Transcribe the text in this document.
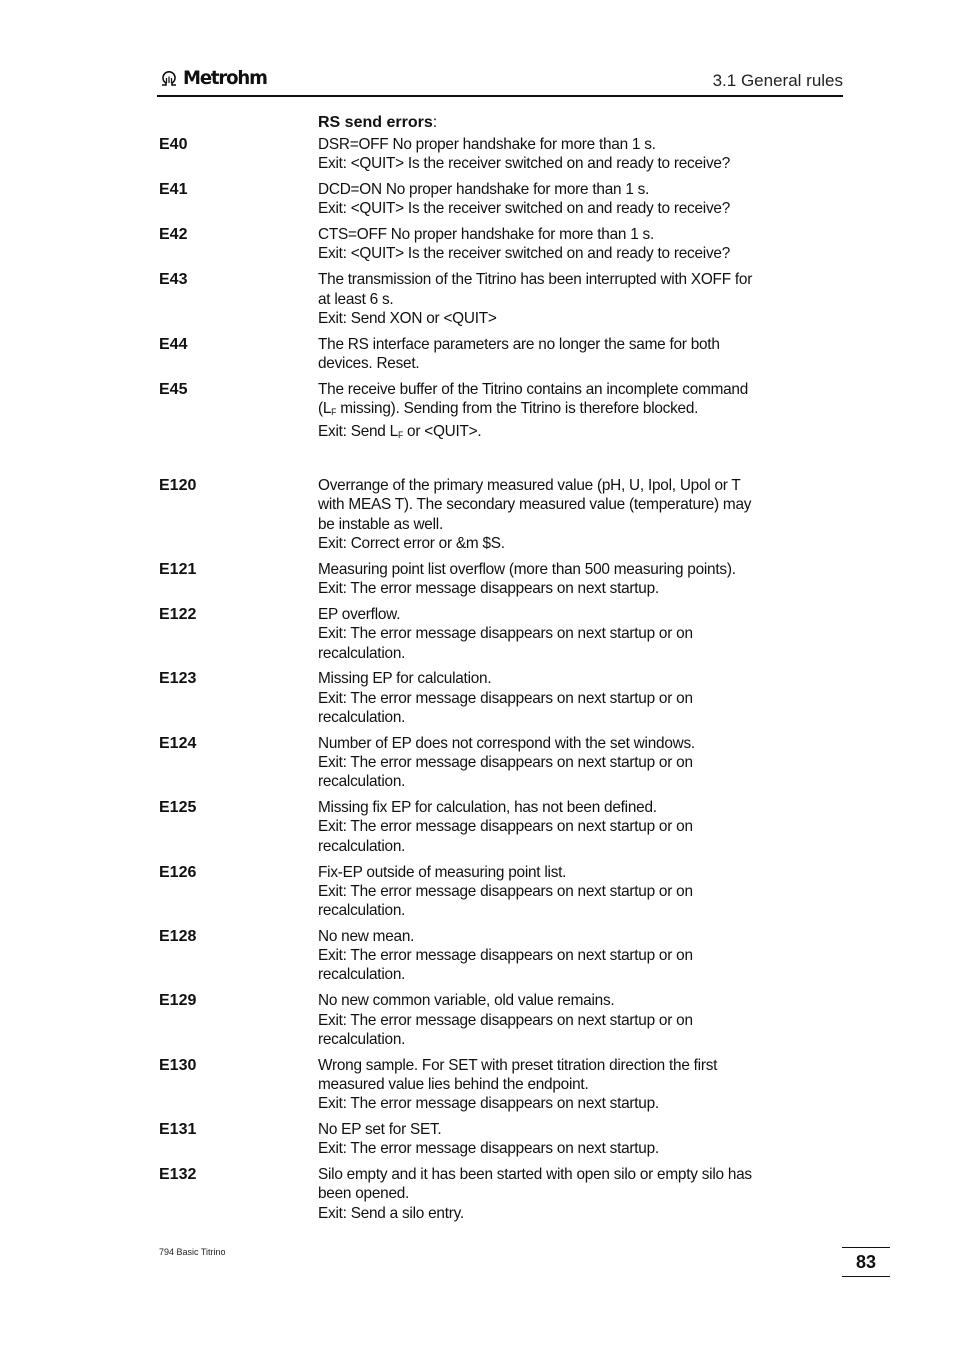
Metrohm	3.1 General rules
RS send errors:
E40	DSR=OFF No proper handshake for more than 1 s.
Exit: <QUIT> Is the receiver switched on and ready to receive?
E41	DCD=ON No proper handshake for more than 1 s.
Exit: <QUIT> Is the receiver switched on and ready to receive?
E42	CTS=OFF No proper handshake for more than 1 s.
Exit: <QUIT> Is the receiver switched on and ready to receive?
E43	The transmission of the Titrino has been interrupted with XOFF for
at least 6 s.
Exit: Send XON or <QUIT>
E44	The RS interface parameters are no longer the same for both
devices. Reset.
E45	The receive buffer of the Titrino contains an incomplete command
($L_F$ missing). Sending from the Titrino is therefore blocked.
Exit: Send $L_F$ or <QUIT>.
E120	Overrange of the primary measured value (pH, U, Ipol, Upol or T
with MEAS T). The secondary measured value (temperature) may
be instable as well.
Exit: Correct error or &m $S.
E121	Measuring point list overflow (more than 500 measuring points).
Exit: The error message disappears on next startup.
E122	EP overflow.
Exit: The error message disappears on next startup or on
recalculation.
E123	Missing EP for calculation.
Exit: The error message disappears on next startup or on
recalculation.
E124	Number of EP does not correspond with the set windows.
Exit: The error message disappears on next startup or on
recalculation.
E125	Missing fix EP for calculation, has not been defined.
Exit: The error message disappears on next startup or on
recalculation.
E126	Fix-EP outside of measuring point list.
Exit: The error message disappears on next startup or on
recalculation.
E128	No new mean.
Exit: The error message disappears on next startup or on
recalculation.
E129	No new common variable, old value remains.
Exit: The error message disappears on next startup or on
recalculation.
E130	Wrong sample. For SET with preset titration direction the first
measured value lies behind the endpoint.
Exit: The error message disappears on next startup.
E131	No EP set for SET.
Exit: The error message disappears on next startup.
E132	Silo empty and it has been started with open silo or empty silo has
been opened.
Exit: Send a silo entry.
794 Basic Titrino	83
